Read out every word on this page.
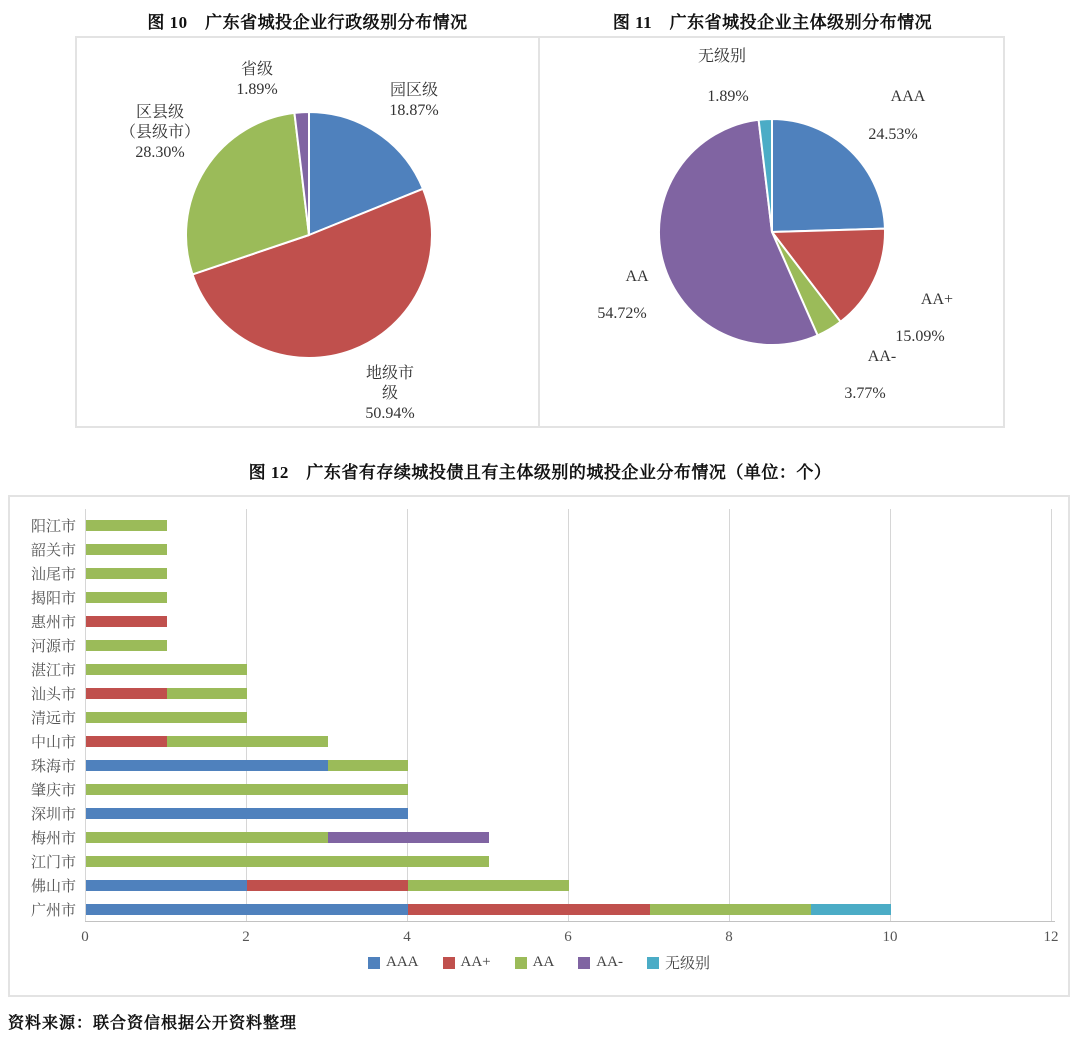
图 10　广东省城投企业行政级别分布情况	图 11　广东省城投企业主体级别分布情况
省级
1.89%	园区级
18.87%
区县级
（县级市）
28.30%
地级市
级
50.94%
无级别
1.89%	AAA
24.53%
AA
54.72%
AA+
15.09%
AA-
3.77%
图 12　广东省有存续城投债且有主体级别的城投企业分布情况（单位：个）
0	2	4	6	8	10	12
阳江市
韶关市
汕尾市
揭阳市
惠州市
河源市
湛江市
汕头市
清远市
中山市
珠海市
肇庆市
深圳市
梅州市
江门市
佛山市
广州市
AAA	AA+	AA	AA-	无级别
资料来源：联合资信根据公开资料整理
